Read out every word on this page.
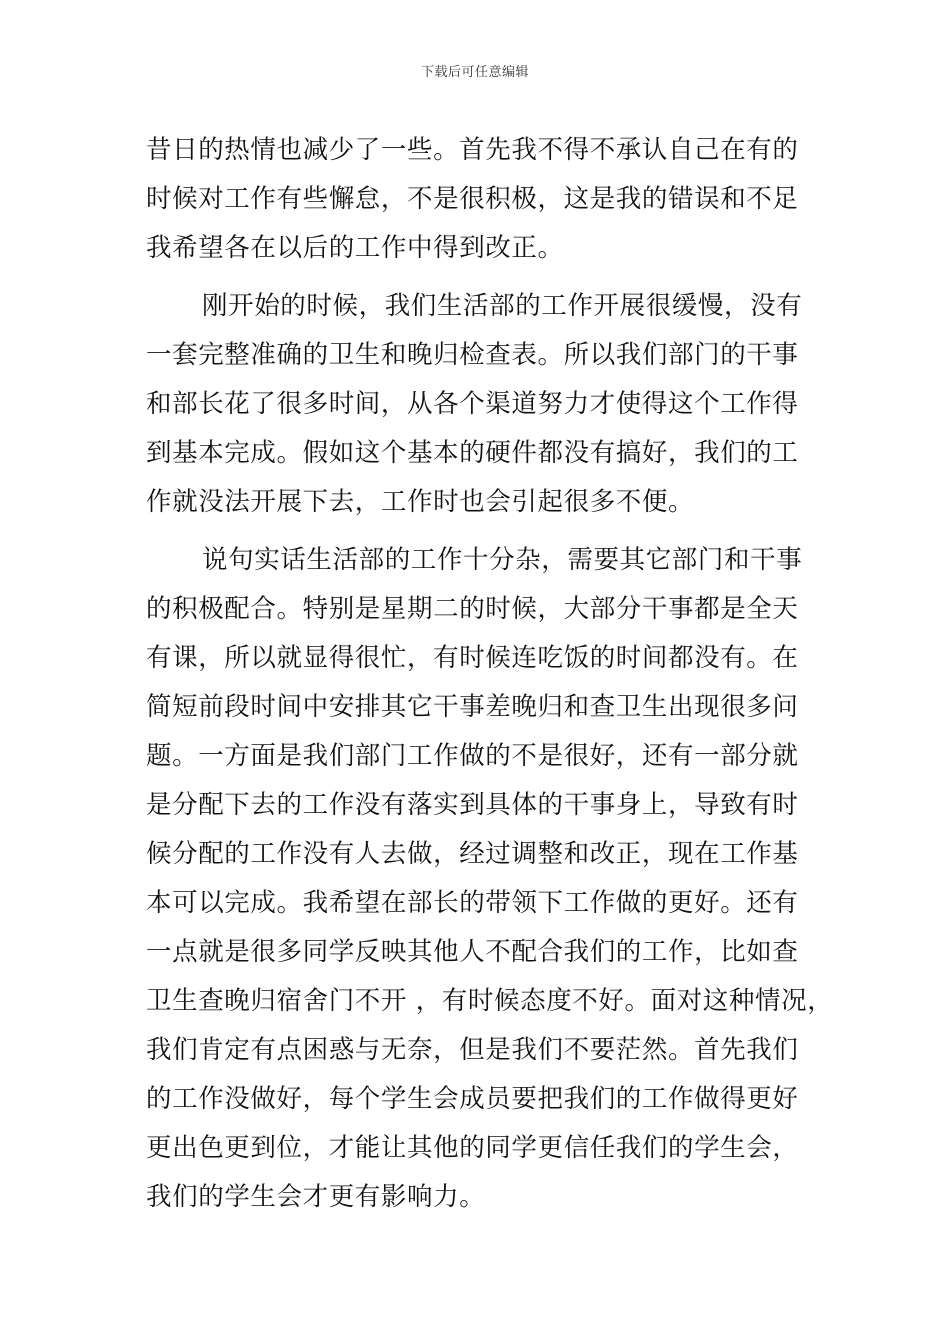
下载后可任意编辑
昔日的热情也减少了一些。首先我不得不承认自己在有的
时候对工作有些懈怠，不是很积极，这是我的错误和不足
我希望各在以后的工作中得到改正。
刚开始的时候，我们生活部的工作开展很缓慢，没有
一套完整准确的卫生和晚归检查表。所以我们部门的干事
和部长花了很多时间，从各个渠道努力才使得这个工作得
到基本完成。假如这个基本的硬件都没有搞好，我们的工
作就没法开展下去，工作时也会引起很多不便。
说句实话生活部的工作十分杂，需要其它部门和干事
的积极配合。特别是星期二的时候，大部分干事都是全天
有课，所以就显得很忙，有时候连吃饭的时间都没有。在
简短前段时间中安排其它干事差晚归和查卫生出现很多问
题。一方面是我们部门工作做的不是很好，还有一部分就
是分配下去的工作没有落实到具体的干事身上，导致有时
候分配的工作没有人去做，经过调整和改正，现在工作基
本可以完成。我希望在部长的带领下工作做的更好。还有
一点就是很多同学反映其他人不配合我们的工作，比如查
卫生查晚归宿舍门不开 ，有时候态度不好。面对这种情况，
我们肯定有点困惑与无奈，但是我们不要茫然。首先我们
的工作没做好，每个学生会成员要把我们的工作做得更好
更出色更到位，才能让其他的同学更信任我们的学生会，
我们的学生会才更有影响力。
